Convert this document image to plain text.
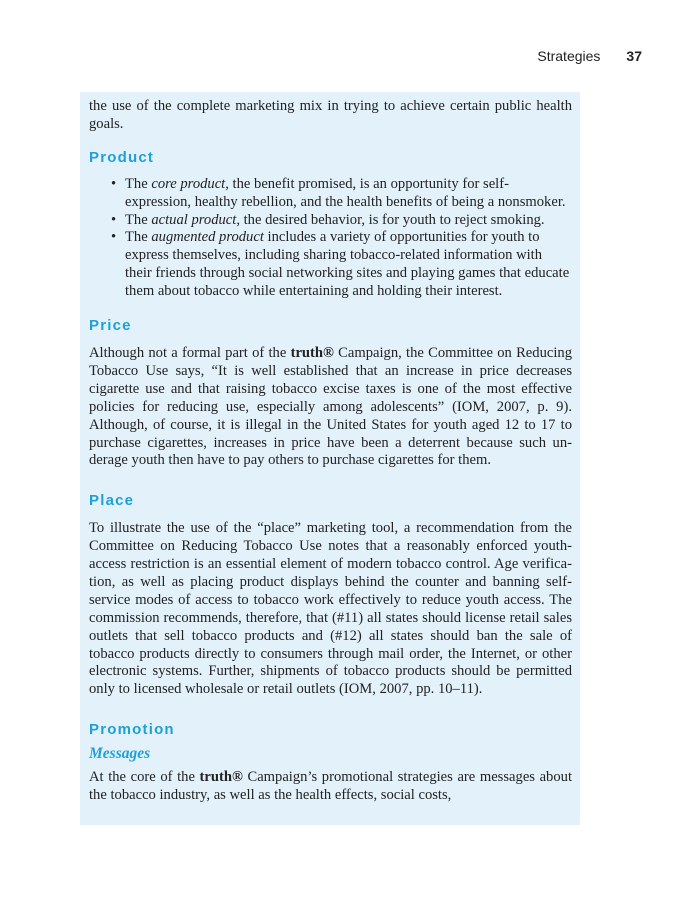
Strategies 37

the use of the complete marketing mix in trying to achieve certain public health goals.

Product
• The core product, the benefit promised, is an opportunity for self-expression, healthy rebellion, and the health benefits of being a nonsmoker.
• The actual product, the desired behavior, is for youth to reject smoking.
• The augmented product includes a variety of opportunities for youth to express themselves, including sharing tobacco-related information with their friends through social networking sites and playing games that educate them about tobacco while entertaining and holding their interest.
Price

Although not a formal part of the truth® Campaign, the Committee on Reducing Tobacco Use says, “It is well established that an increase in price decreases cigarette use and that raising tobacco excise taxes is one of the most effective policies for reducing use, especially among adolescents” (IOM, 2007, p. 9). Although, of course, it is illegal in the United States for youth aged 12 to 17 to purchase cigarettes, increases in price have been a deterrent because such underage youth then have to pay others to purchase cigarettes for them.

Place

To illustrate the use of the “place” marketing tool, a recommendation from the Committee on Reducing Tobacco Use notes that a reasonably enforced youth-access restriction is an essential element of modern tobacco control. Age verification, as well as placing product displays behind the counter and banning self-service modes of access to tobacco work effectively to reduce youth access. The commission recommends, therefore, that (#11) all states should license retail sales outlets that sell tobacco products and (#12) all states should ban the sale of tobacco products directly to consumers through mail order, the Internet, or other electronic systems. Further, shipments of tobacco products should be permitted only to licensed wholesale or retail outlets (IOM, 2007, pp. 10–11).

Promotion
Messages

At the core of the truth® Campaign’s promotional strategies are messages about the tobacco industry, as well as the health effects, social costs,
